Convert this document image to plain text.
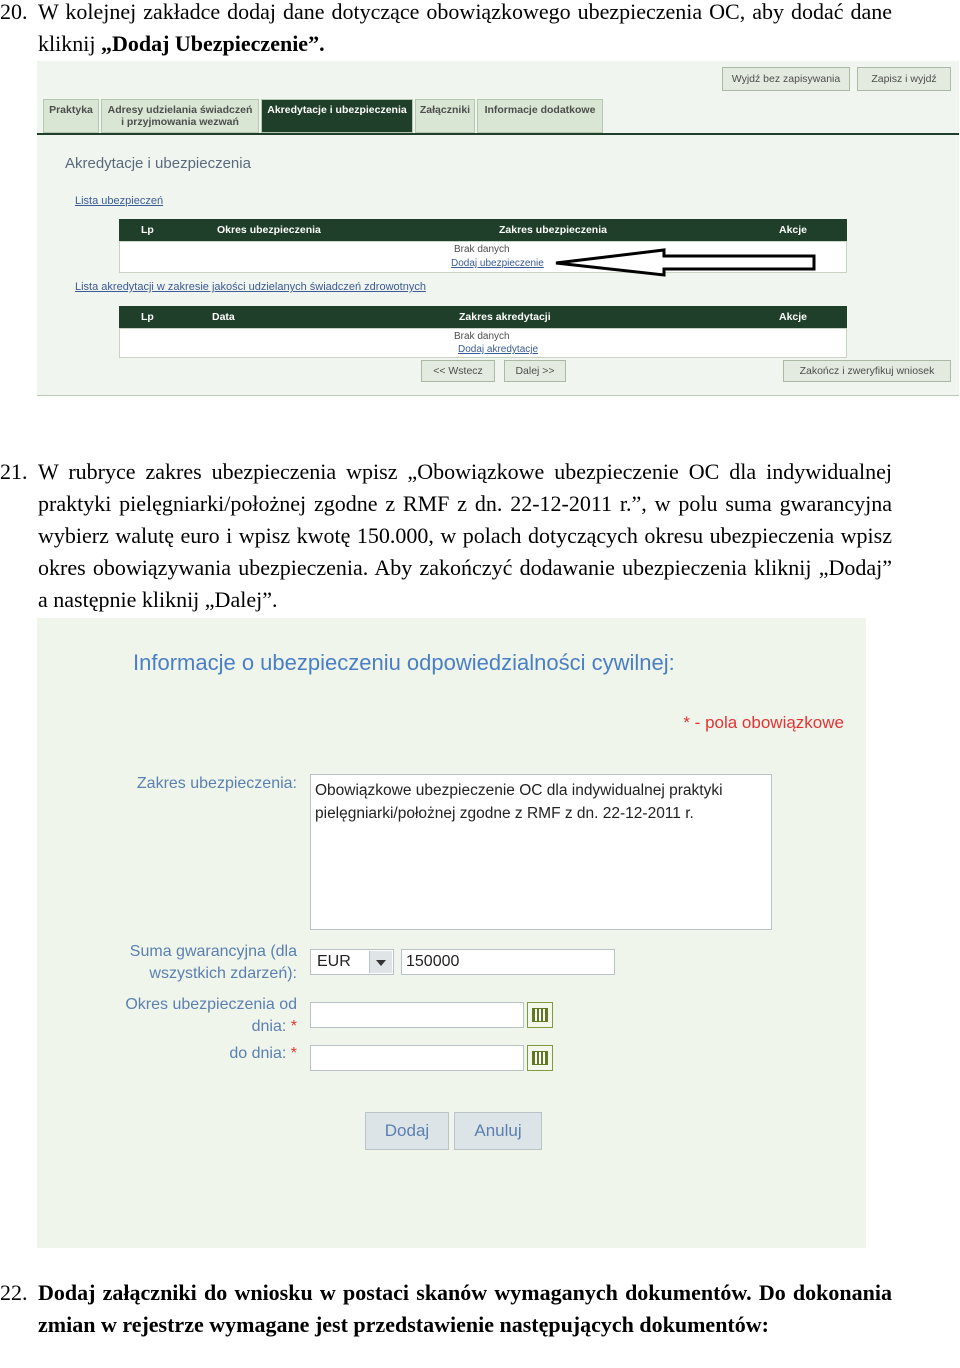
20. W kolejnej zakładce dodaj dane dotyczące obowiązkowego ubezpieczenia OC, aby dodać dane kliknij „Dodaj Ubezpieczenie”.
Wyjdź bez zapisywania	Zapisz i wyjdź
Praktyka	Adresy udzielania świadczeń
i przyjmowania wezwań
Akredytacje i ubezpieczenia	Załączniki	Informacje dodatkowe
Akredytacje i ubezpieczenia
Lista ubezpieczeń
Lp	Okres ubezpieczenia	Zakres ubezpieczenia	Akcje
Brak danych
Dodaj ubezpieczenie
Lista akredytacji w zakresie jakości udzielanych świadczeń zdrowotnych
Lp	Data	Zakres akredytacji	Akcje
Brak danych
Dodaj akredytacje
<< Wstecz	Dalej >>	Zakończ i zweryfikuj wniosek
21. W rubryce zakres ubezpieczenia wpisz „Obowiązkowe ubezpieczenie OC dla indywidualnej praktyki pielęgniarki/położnej zgodne z RMF z dn. 22-12-2011 r.”, w polu suma gwarancyjna wybierz walutę euro i wpisz kwotę 150.000, w polach dotyczących okresu ubezpieczenia wpisz okres obowiązywania ubezpieczenia. Aby zakończyć dodawanie ubezpieczenia kliknij „Dodaj” a następnie kliknij „Dalej”.
Informacje o ubezpieczeniu odpowiedzialności cywilnej:
* - pola obowiązkowe
Zakres ubezpieczenia:	Obowiązkowe ubezpieczenie OC dla indywidualnej praktyki pielęgniarki/położnej zgodne z RMF z dn. 22-12-2011 r.
Suma gwarancyjna (dla
wszystkich zdarzeń):
EUR	150000
Okres ubezpieczenia od
dnia: *
do dnia: *
Dodaj	Anuluj
22. Dodaj załączniki do wniosku w postaci skanów wymaganych dokumentów. Do dokonania zmian w rejestrze wymagane jest przedstawienie następujących dokumentów:
